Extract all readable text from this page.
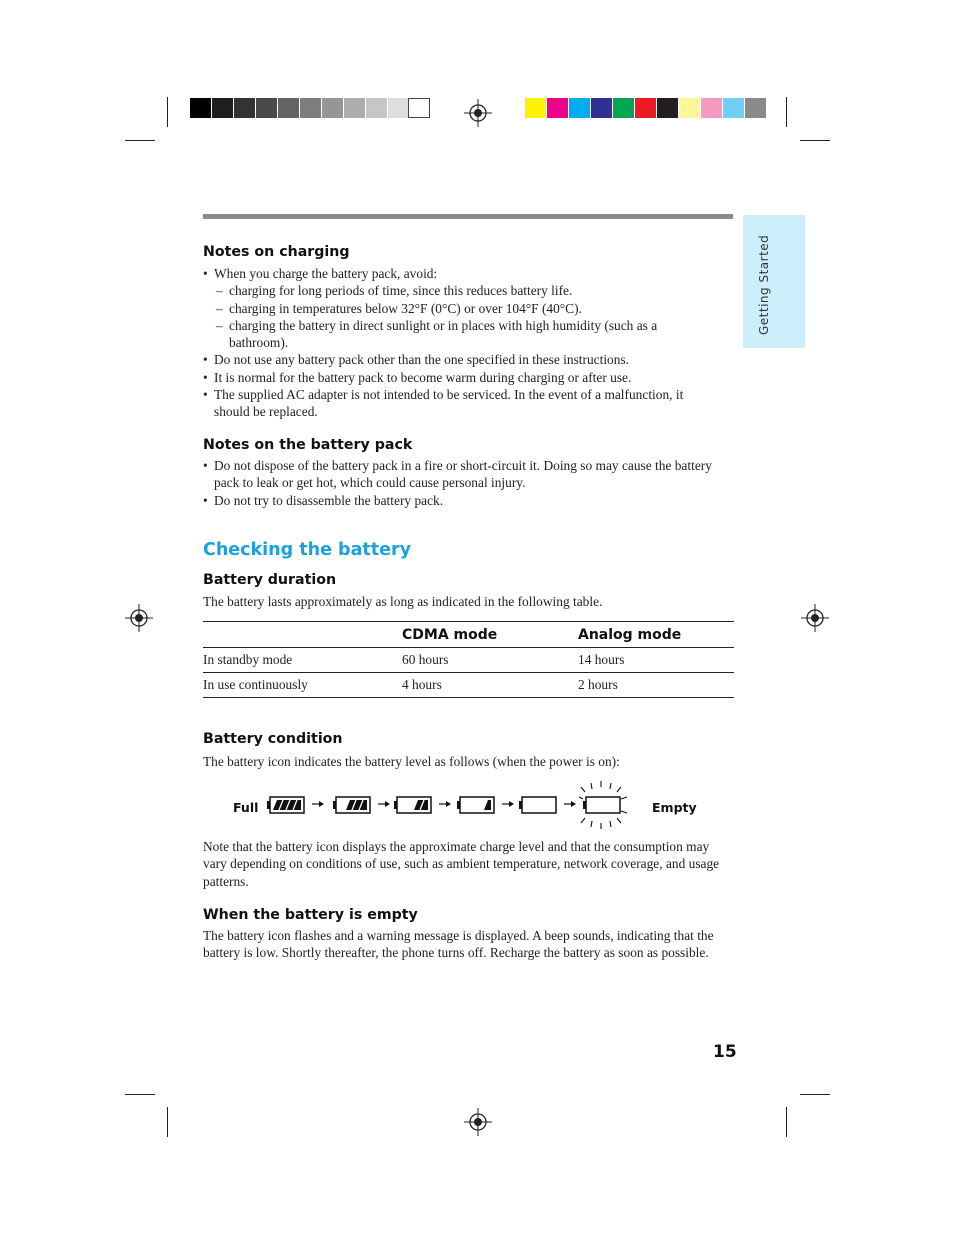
Getting Started
Notes on charging
• When you charge the battery pack, avoid:
– charging for long periods of time, since this reduces battery life.
– charging in temperatures below 32°F (0°C) or over 104°F (40°C).
– charging the battery in direct sunlight or in places with high humidity (such as a bathroom).
• Do not use any battery pack other than the one specified in these instructions.
• It is normal for the battery pack to become warm during charging or after use.
• The supplied AC adapter is not intended to be serviced. In the event of a malfunction, it should be replaced.
Notes on the battery pack
• Do not dispose of the battery pack in a fire or short-circuit it. Doing so may cause the battery pack to leak or get hot, which could cause personal injury.
• Do not try to disassemble the battery pack.
Checking the battery
Battery duration
The battery lasts approximately as long as indicated in the following table.
	CDMA mode	Analog mode
In standby mode	60 hours	14 hours
In use continuously	4 hours	2 hours
Battery condition
The battery icon indicates the battery level as follows (when the power is on):
Full	Empty
Note that the battery icon displays the approximate charge level and that the consumption may vary depending on conditions of use, such as ambient temperature, network coverage, and usage patterns.
When the battery is empty
The battery icon flashes and a warning message is displayed. A beep sounds, indicating that the battery is low. Shortly thereafter, the phone turns off. Recharge the battery as soon as possible.
15
